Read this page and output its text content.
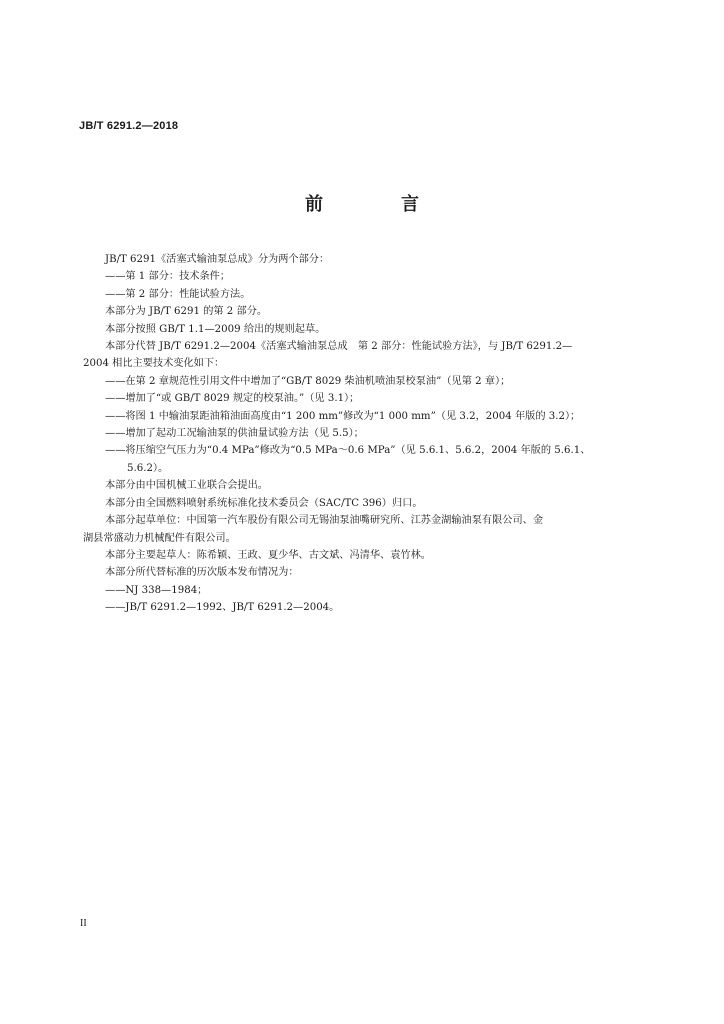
JB/T 6291.2—2018
前　言

JB/T 6291《活塞式输油泵总成》分为两个部分：

——第 1 部分：技术条件；

——第 2 部分：性能试验方法。

本部分为 JB/T 6291 的第 2 部分。

本部分按照 GB/T 1.1—2009 给出的规则起草。

本部分代替 JB/T 6291.2—2004《活塞式输油泵总成　第 2 部分：性能试验方法》，与 JB/T 6291.2—

2004 相比主要技术变化如下：

——在第 2 章规范性引用文件中增加了“GB/T 8029 柴油机喷油泵校泵油”（见第 2 章）；

——增加了“或 GB/T 8029 规定的校泵油。”（见 3.1）；

——将图 1 中输油泵距油箱油面高度由“1 200 mm”修改为“1 000 mm”（见 3.2，2004 年版的 3.2）；

——增加了起动工况输油泵的供油量试验方法（见 5.5）；

——将压缩空气压力为“0.4 MPa”修改为“0.5 MPa～0.6 MPa”（见 5.6.1、5.6.2，2004 年版的 5.6.1、

5.6.2）。

本部分由中国机械工业联合会提出。

本部分由全国燃料喷射系统标准化技术委员会（SAC/TC 396）归口。

本部分起草单位：中国第一汽车股份有限公司无锡油泵油嘴研究所、江苏金湖输油泵有限公司、金

湖县常盛动力机械配件有限公司。

本部分主要起草人：陈希颖、王政、夏少华、古文斌、冯清华、袁竹林。

本部分所代替标准的历次版本发布情况为：

——NJ 338—1984；

——JB/T 6291.2—1992、JB/T 6291.2—2004。

II
